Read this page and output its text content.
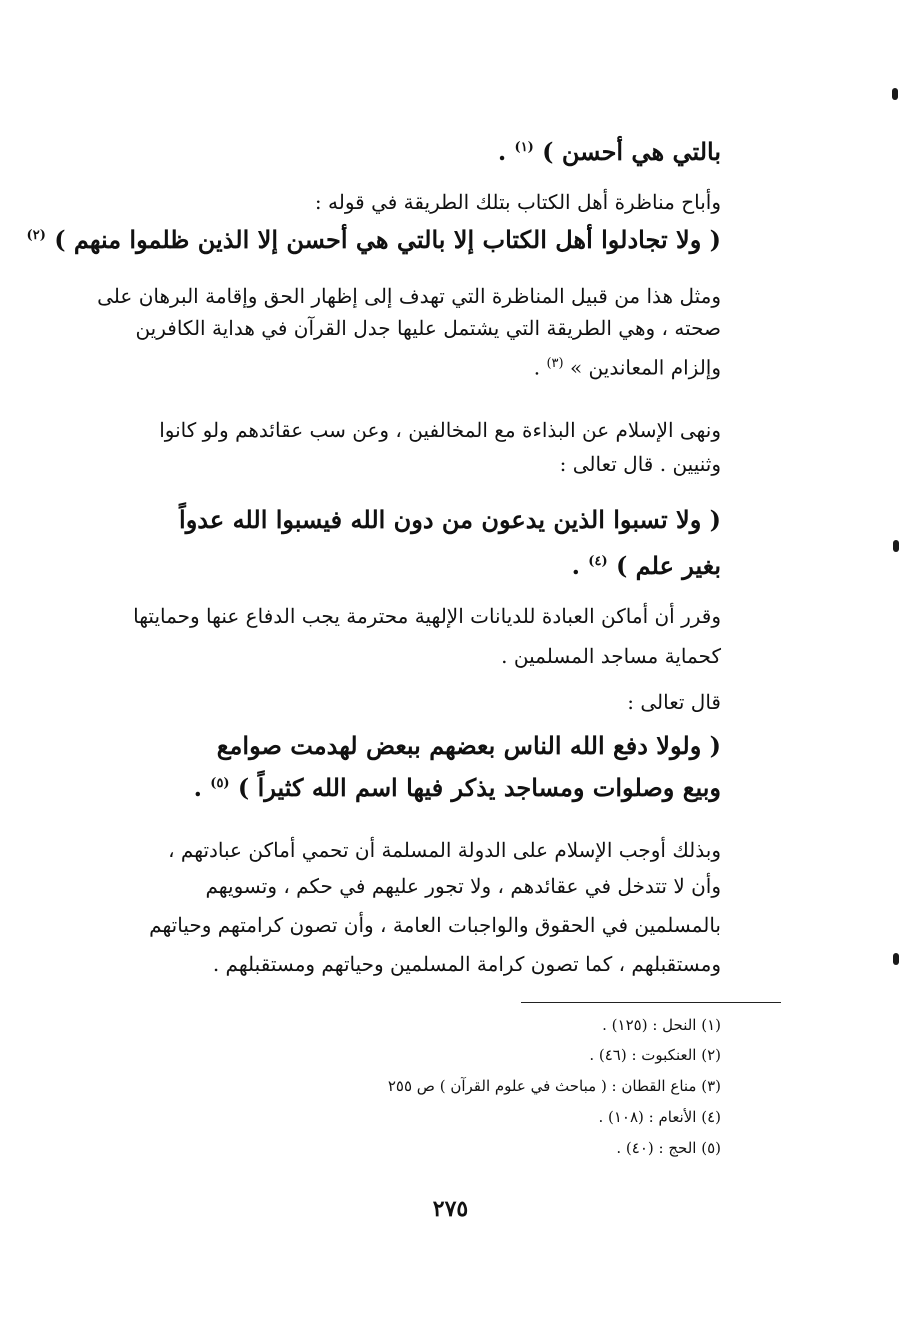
بالتي هي أحسن ) $^{(١)}$ .
وأباح مناظرة أهل الكتاب بتلك الطريقة في قوله :
( ولا تجادلوا أهل الكتاب إلا بالتي هي أحسن إلا الذين ظلموا منهم ) $^{(٢)}$
ومثل هذا من قبيل المناظرة التي تهدف إلى إظهار الحق وإقامة البرهان على
صحته ، وهي الطريقة التي يشتمل عليها جدل القرآن في هداية الكافرين
وإلزام المعاندين » $^{(٣)}$ .
ونهى الإسلام عن البذاءة مع المخالفين ، وعن سب عقائدهم ولو كانوا
وثنيين . قال تعالى :
( ولا تسبوا الذين يدعون من دون الله فيسبوا الله عدواً
بغير علم ) $^{(٤)}$ .
وقرر أن أماكن العبادة للديانات الإلهية محترمة يجب الدفاع عنها وحمايتها
كحماية مساجد المسلمين .
قال تعالى :
( ولولا دفع الله الناس بعضهم ببعض لهدمت صوامع
وبيع وصلوات ومساجد يذكر فيها اسم الله كثيراً ) $^{(٥)}$ .
وبذلك أوجب الإسلام على الدولة المسلمة أن تحمي أماكن عبادتهم ،
وأن لا تتدخل في عقائدهم ، ولا تجور عليهم في حكم ، وتسويهم
بالمسلمين في الحقوق والواجبات العامة ، وأن تصون كرامتهم وحياتهم
ومستقبلهم ، كما تصون كرامة المسلمين وحياتهم ومستقبلهم .
(١) النحل : (١٢٥) .
(٢) العنكبوت : (٤٦) .
(٣) مناع القطان : ( مباحث في علوم القرآن ) ص ٢٥٥
(٤) الأنعام : (١٠٨) .
(٥) الحج : (٤٠) .
٢٧٥
